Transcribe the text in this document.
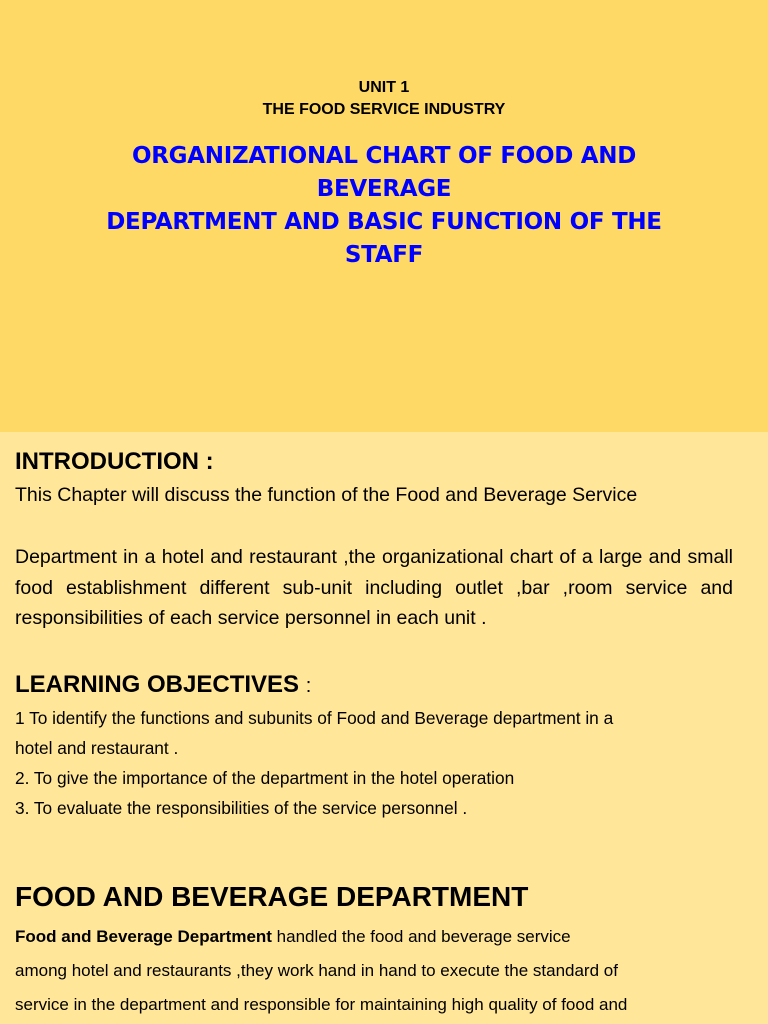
UNIT 1
THE FOOD SERVICE INDUSTRY
ORGANIZATIONAL CHART OF FOOD AND
BEVERAGE
DEPARTMENT AND BASIC FUNCTION OF THE
STAFF
INTRODUCTION :
This Chapter will discuss the function of the Food and Beverage Service
Department in a hotel and restaurant ,the organizational chart of a large and small food establishment different sub-unit including outlet ,bar ,room service and responsibilities of each service personnel in each unit .
LEARNING OBJECTIVES :
1 To identify the functions and subunits of Food and Beverage department in a
hotel and restaurant .
2. To give the importance of the department in the hotel operation
3. To evaluate the responsibilities of the service personnel .
FOOD AND BEVERAGE DEPARTMENT
Food and Beverage Department handled the food and beverage service
among hotel and restaurants ,they work hand in hand to execute the standard of
service in the department and responsible for maintaining high quality of food and
